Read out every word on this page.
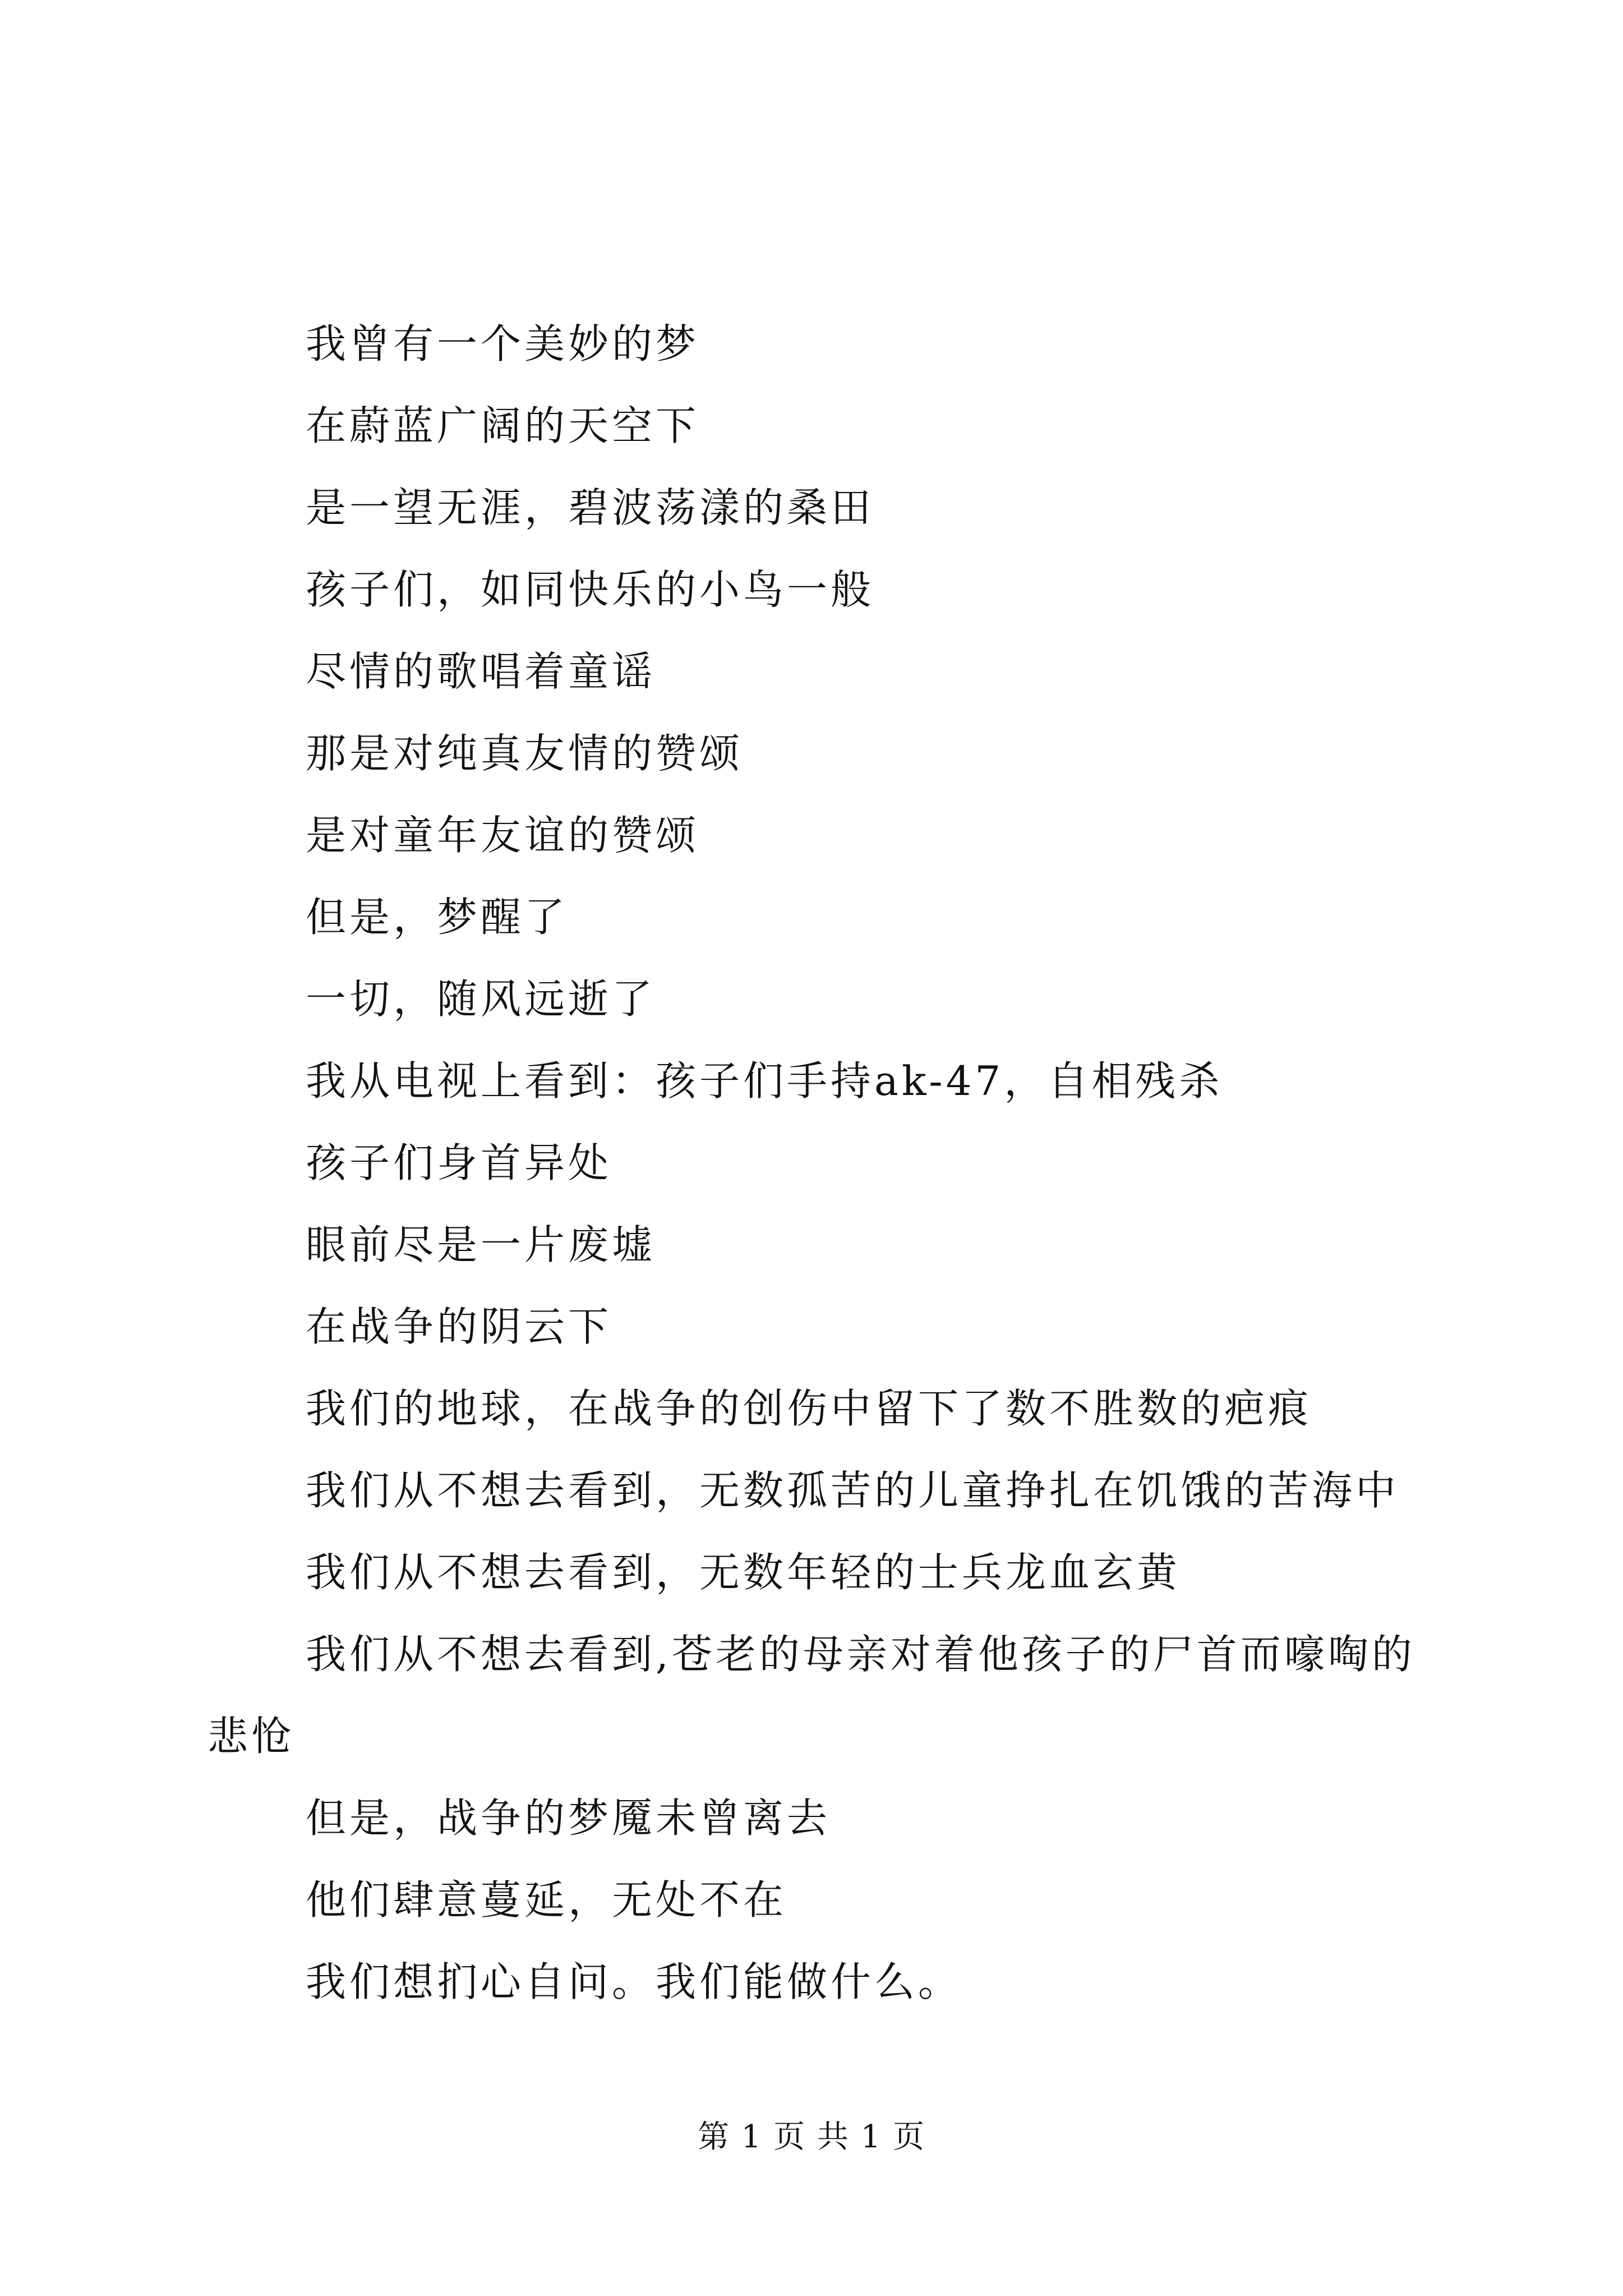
我曾有一个美妙的梦
在蔚蓝广阔的天空下
是一望无涯，碧波荡漾的桑田
孩子们，如同快乐的小鸟一般
尽情的歌唱着童谣
那是对纯真友情的赞颂
是对童年友谊的赞颂
但是，梦醒了
一切，随风远逝了
我从电视上看到：孩子们手持ak-47，自相残杀
孩子们身首异处
眼前尽是一片废墟
在战争的阴云下
我们的地球，在战争的创伤中留下了数不胜数的疤痕
我们从不想去看到，无数孤苦的儿童挣扎在饥饿的苦海中
我们从不想去看到，无数年轻的士兵龙血玄黄
我们从不想去看到,苍老的母亲对着他孩子的尸首而嚎啕的
悲怆
但是，战争的梦魇未曾离去
他们肆意蔓延，无处不在
我们想扪心自问。我们能做什么。
第 1 页 共 1 页
